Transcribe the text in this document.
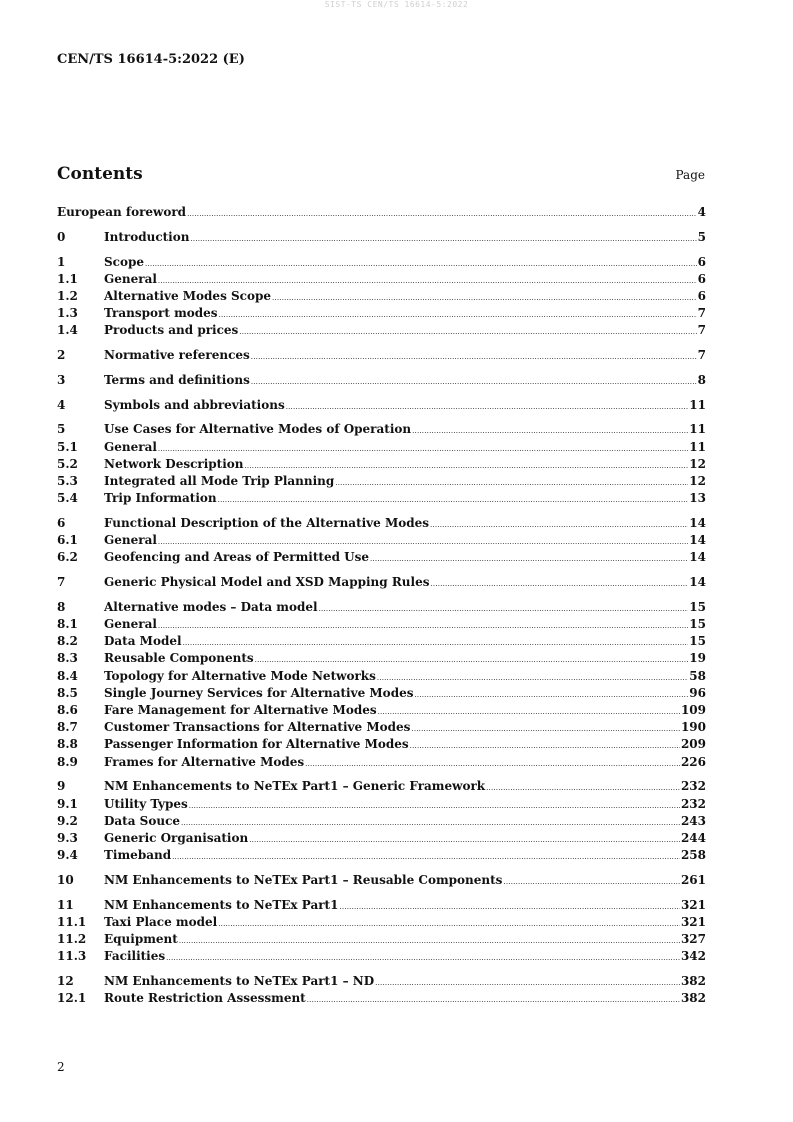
SIST-TS CEN/TS 16614-5:2022
CEN/TS 16614-5:2022 (E)
Contents	Page
European foreword .....	4
0	Introduction .....	5
1	Scope .....	6
1.1	General .....	6
1.2	Alternative Modes Scope .....	6
1.3	Transport modes .....	7
1.4	Products and prices .....	7
2	Normative references .....	7
3	Terms and definitions .....	8
4	Symbols and abbreviations .....	11
5	Use Cases for Alternative Modes of Operation .....	11
5.1	General .....	11
5.2	Network Description .....	12
5.3	Integrated all Mode Trip Planning .....	12
5.4	Trip Information .....	13
6	Functional Description of the Alternative Modes .....	14
6.1	General .....	14
6.2	Geofencing and Areas of Permitted Use .....	14
7	Generic Physical Model and XSD Mapping Rules .....	14
8	Alternative modes – Data model .....	15
8.1	General .....	15
8.2	Data Model .....	15
8.3	Reusable Components .....	19
8.4	Topology for Alternative Mode Networks .....	58
8.5	Single Journey Services for Alternative Modes .....	96
8.6	Fare Management for Alternative Modes .....	109
8.7	Customer Transactions for Alternative Modes .....	190
8.8	Passenger Information for Alternative Modes .....	209
8.9	Frames for Alternative Modes .....	226
9	NM Enhancements to NeTEx Part1 – Generic Framework .....	232
9.1	Utility Types .....	232
9.2	Data Souce .....	243
9.3	Generic Organisation .....	244
9.4	Timeband .....	258
10	NM Enhancements to NeTEx Part1 – Reusable Components .....	261
11	NM Enhancements to NeTEx Part1 .....	321
11.1	Taxi Place model .....	321
11.2	Equipment .....	327
11.3	Facilities .....	342
12	NM Enhancements to NeTEx Part1 – ND .....	382
12.1	Route Restriction Assessment .....	382
2
